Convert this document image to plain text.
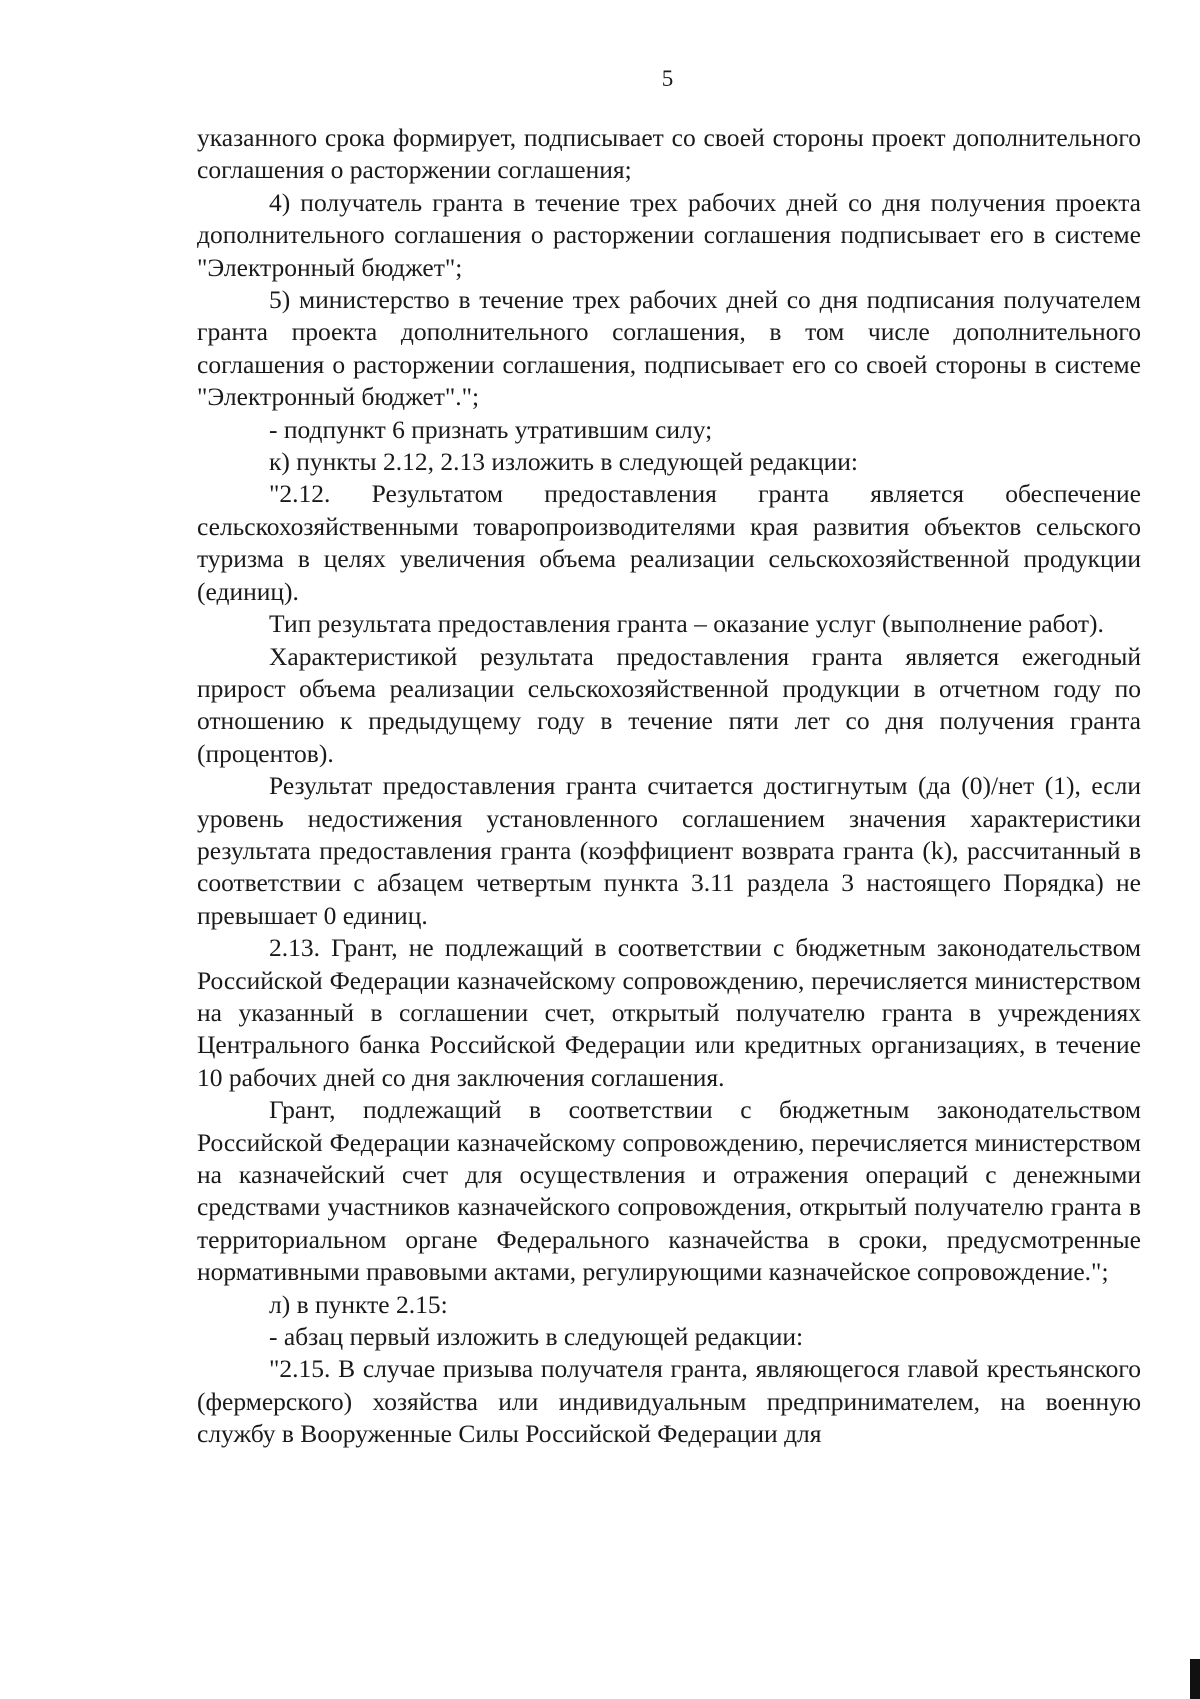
5

указанного срока формирует, подписывает со своей стороны проект дополнительного соглашения о расторжении соглашения;

4) получатель гранта в течение трех рабочих дней со дня получения проекта дополнительного соглашения о расторжении соглашения подписывает его в системе "Электронный бюджет";

5) министерство в течение трех рабочих дней со дня подписания получателем гранта проекта дополнительного соглашения, в том числе дополнительного соглашения о расторжении соглашения, подписывает его со своей стороны в системе "Электронный бюджет".";

- подпункт 6 признать утратившим силу;

к) пункты 2.12, 2.13 изложить в следующей редакции:

"2.12. Результатом предоставления гранта является обеспечение сельскохозяйственными товаропроизводителями края развития объектов сельского туризма в целях увеличения объема реализации сельскохозяйственной продукции (единиц).

Тип результата предоставления гранта – оказание услуг (выполнение работ).

Характеристикой результата предоставления гранта является ежегодный прирост объема реализации сельскохозяйственной продукции в отчетном году по отношению к предыдущему году в течение пяти лет со дня получения гранта (процентов).

Результат предоставления гранта считается достигнутым (да (0)/нет (1), если уровень недостижения установленного соглашением значения характеристики результата предоставления гранта (коэффициент возврата гранта (k), рассчитанный в соответствии с абзацем четвертым пункта 3.11 раздела 3 настоящего Порядка) не превышает 0 единиц.

2.13. Грант, не подлежащий в соответствии с бюджетным законодательством Российской Федерации казначейскому сопровождению, перечисляется министерством на указанный в соглашении счет, открытый получателю гранта в учреждениях Центрального банка Российской Федерации или кредитных организациях, в течение 10 рабочих дней со дня заключения соглашения.

Грант, подлежащий в соответствии с бюджетным законодательством Российской Федерации казначейскому сопровождению, перечисляется министерством на казначейский счет для осуществления и отражения операций с денежными средствами участников казначейского сопровождения, открытый получателю гранта в территориальном органе Федерального казначейства в сроки, предусмотренные нормативными правовыми актами, регулирующими казначейское сопровождение.";

л) в пункте 2.15:

- абзац первый изложить в следующей редакции:

"2.15. В случае призыва получателя гранта, являющегося главой крестьянского (фермерского) хозяйства или индивидуальным предпринимателем, на военную службу в Вооруженные Силы Российской Федерации для
